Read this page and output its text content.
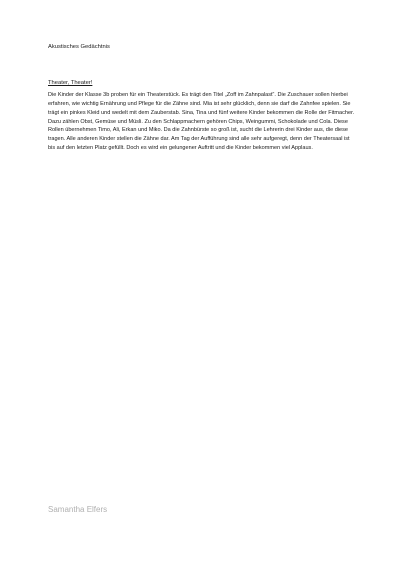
Akustisches Gedächtnis

Theater, Theater!

Die Kinder der Klasse 3b proben für ein Theaterstück. Es trägt den Titel „Zoff im Zahnpalast“. Die Zuschauer sollen hierbei erfahren, wie wichtig Ernährung und Pflege für die Zähne sind. Mia ist sehr glücklich, denn sie darf die Zahnfee spielen. Sie trägt ein pinkes Kleid und wedelt mit dem Zauberstab. Sina, Tina und fünf weitere Kinder bekommen die Rolle der Fitmacher. Dazu zählen Obst, Gemüse und Müsli. Zu den Schlappmachern gehören Chips, Weingummi, Schokolade und Cola. Diese Rollen übernehmen Timo, Ali, Erkan und Miko. Da die Zahnbürste so groß ist, sucht die Lehrerin drei Kinder aus, die diese tragen. Alle anderen Kinder stellen die Zähne dar. Am Tag der Aufführung sind alle sehr aufgeregt, denn der Theatersaal ist bis auf den letzten Platz gefüllt. Doch es wird ein gelungener Auftritt und die Kinder bekommen viel Applaus.

Samantha Elfers
